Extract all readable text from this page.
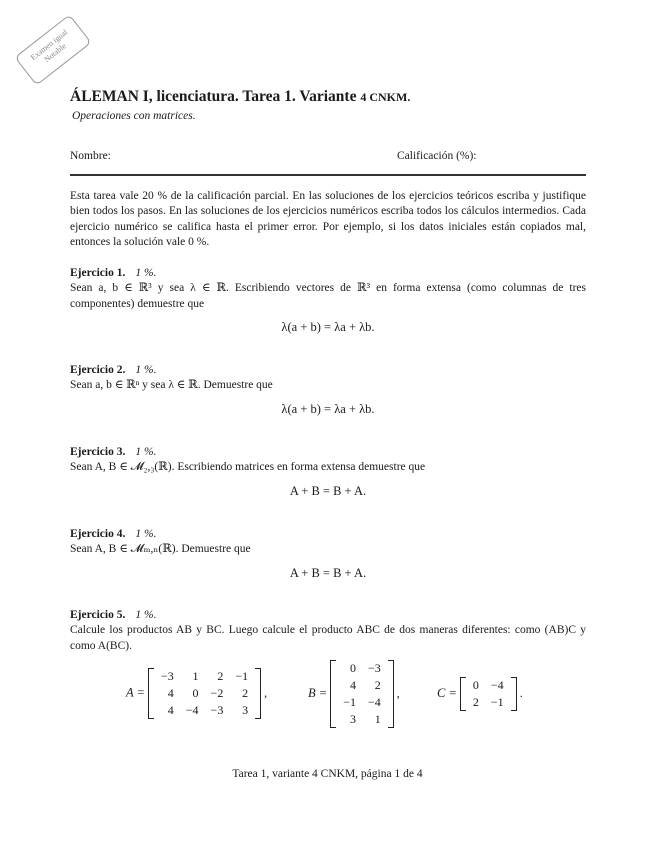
Examen igual Notable
ÁLEMAN I, licenciatura. Tarea 1. Variante 4 CNKM.
Operaciones con matrices.
Nombre:	Calificación (%):
Esta tarea vale 20 % de la calificación parcial. En las soluciones de los ejercicios teóricos escriba y justifique bien todos los pasos. En las soluciones de los ejercicios numéricos escriba todos los cálculos intermedios. Cada ejercicio numérico se califica hasta el primer error. Por ejemplo, si los datos iniciales están copiados mal, entonces la solución vale 0 %.
Ejercicio 1. 1 %.
Sean a, b ∈ ℝ³ y sea λ ∈ ℝ. Escribiendo vectores de ℝ³ en forma extensa (como columnas de tres componentes) demuestre que
λ(a + b) = λa + λb.
Ejercicio 2. 1 %.
Sean a, b ∈ ℝⁿ y sea λ ∈ ℝ. Demuestre que
λ(a + b) = λa + λb.
Ejercicio 3. 1 %.
Sean A, B ∈ 𝓜₂,₃(ℝ). Escribiendo matrices en forma extensa demuestre que
A + B = B + A.
Ejercicio 4. 1 %.
Sean A, B ∈ 𝓜ₘ,ₙ(ℝ). Demuestre que
A + B = B + A.
Ejercicio 5. 1 %.
Calcule los productos AB y BC. Luego calcule el producto ABC de dos maneras diferentes: como (AB)C y como A(BC).
A =
−3	1	2	−1
4	0	−2	2
4	−4	−3	3
,	B =
0	−3
4	2
−1	−4
3	1
,	C =
0	−4
2	−1
.
Tarea 1, variante 4 CNKM, página 1 de 4
